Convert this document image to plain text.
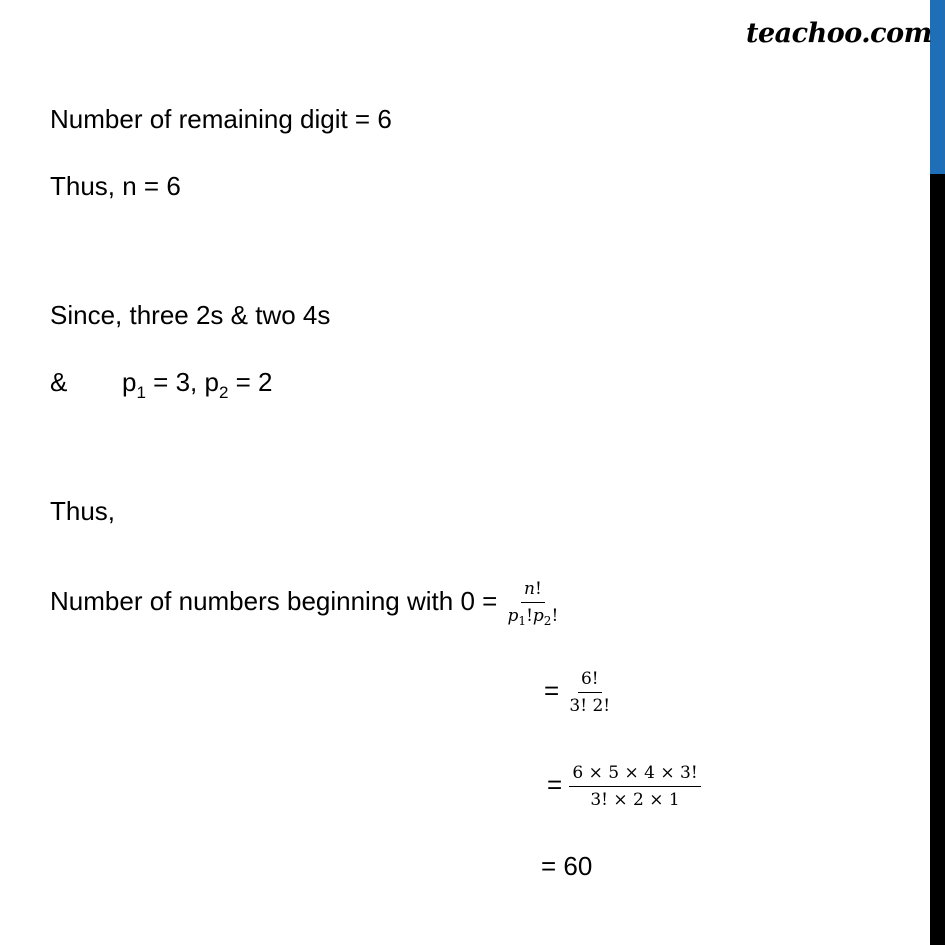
teachoo.com
Number of remaining digit = 6
Thus, n = 6
Since, three 2s & two 4s
& $p_1 = 3$, $p_2 = 2$
Thus,
Number of numbers beginning with $0 = \frac{n!}{p_1!p_2!}$
= $\frac{6!}{3! 2!}$
= $\frac{6 \times 5 \times 4 \times 3!}{3! \times 2 \times 1}$
= 60
